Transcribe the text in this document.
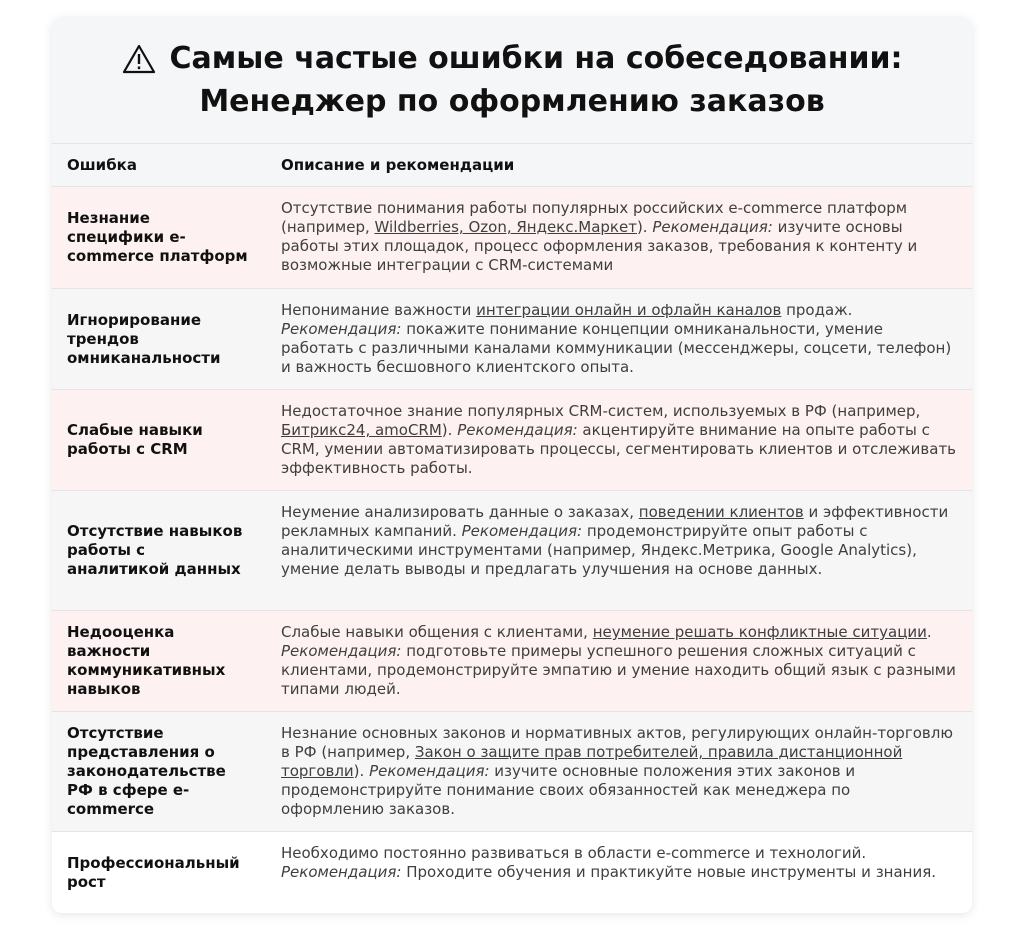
Самые частые ошибки на собеседовании:
Менеджер по оформлению заказов
Ошибка	Описание и рекомендации
Незнание специфики e-commerce платформ	Отсутствие понимания работы популярных российских e-commerce платформ (например, Wildberries, Ozon, Яндекс.Маркет). Рекомендация: изучите основы работы этих площадок, процесс оформления заказов, требования к контенту и возможные интеграции с CRM-системами
Игнорирование трендов омниканальности	Непонимание важности интеграции онлайн и офлайн каналов продаж. Рекомендация: покажите понимание концепции омниканальности, умение работать с различными каналами коммуникации (мессенджеры, соцсети, телефон) и важность бесшовного клиентского опыта.
Слабые навыки работы с CRM	Недостаточное знание популярных CRM-систем, используемых в РФ (например, Битрикс24, amoCRM). Рекомендация: акцентируйте внимание на опыте работы с CRM, умении автоматизировать процессы, сегментировать клиентов и отслеживать эффективность работы.
Отсутствие навыков работы с аналитикой данных	Неумение анализировать данные о заказах, поведении клиентов и эффективности рекламных кампаний. Рекомендация: продемонстрируйте опыт работы с аналитическими инструментами (например, Яндекс.Метрика, Google Analytics), умение делать выводы и предлагать улучшения на основе данных.
Недооценка важности коммуникативных навыков	Слабые навыки общения с клиентами, неумение решать конфликтные ситуации. Рекомендация: подготовьте примеры успешного решения сложных ситуаций с клиентами, продемонстрируйте эмпатию и умение находить общий язык с разными типами людей.
Отсутствие представления о законодательстве РФ в сфере e-commerce	Незнание основных законов и нормативных актов, регулирующих онлайн-торговлю в РФ (например, Закон о защите прав потребителей, правила дистанционной торговли). Рекомендация: изучите основные положения этих законов и продемонстрируйте понимание своих обязанностей как менеджера по оформлению заказов.
Профессиональный рост	Необходимо постоянно развиваться в области e-commerce и технологий. Рекомендация: Проходите обучения и практикуйте новые инструменты и знания.
